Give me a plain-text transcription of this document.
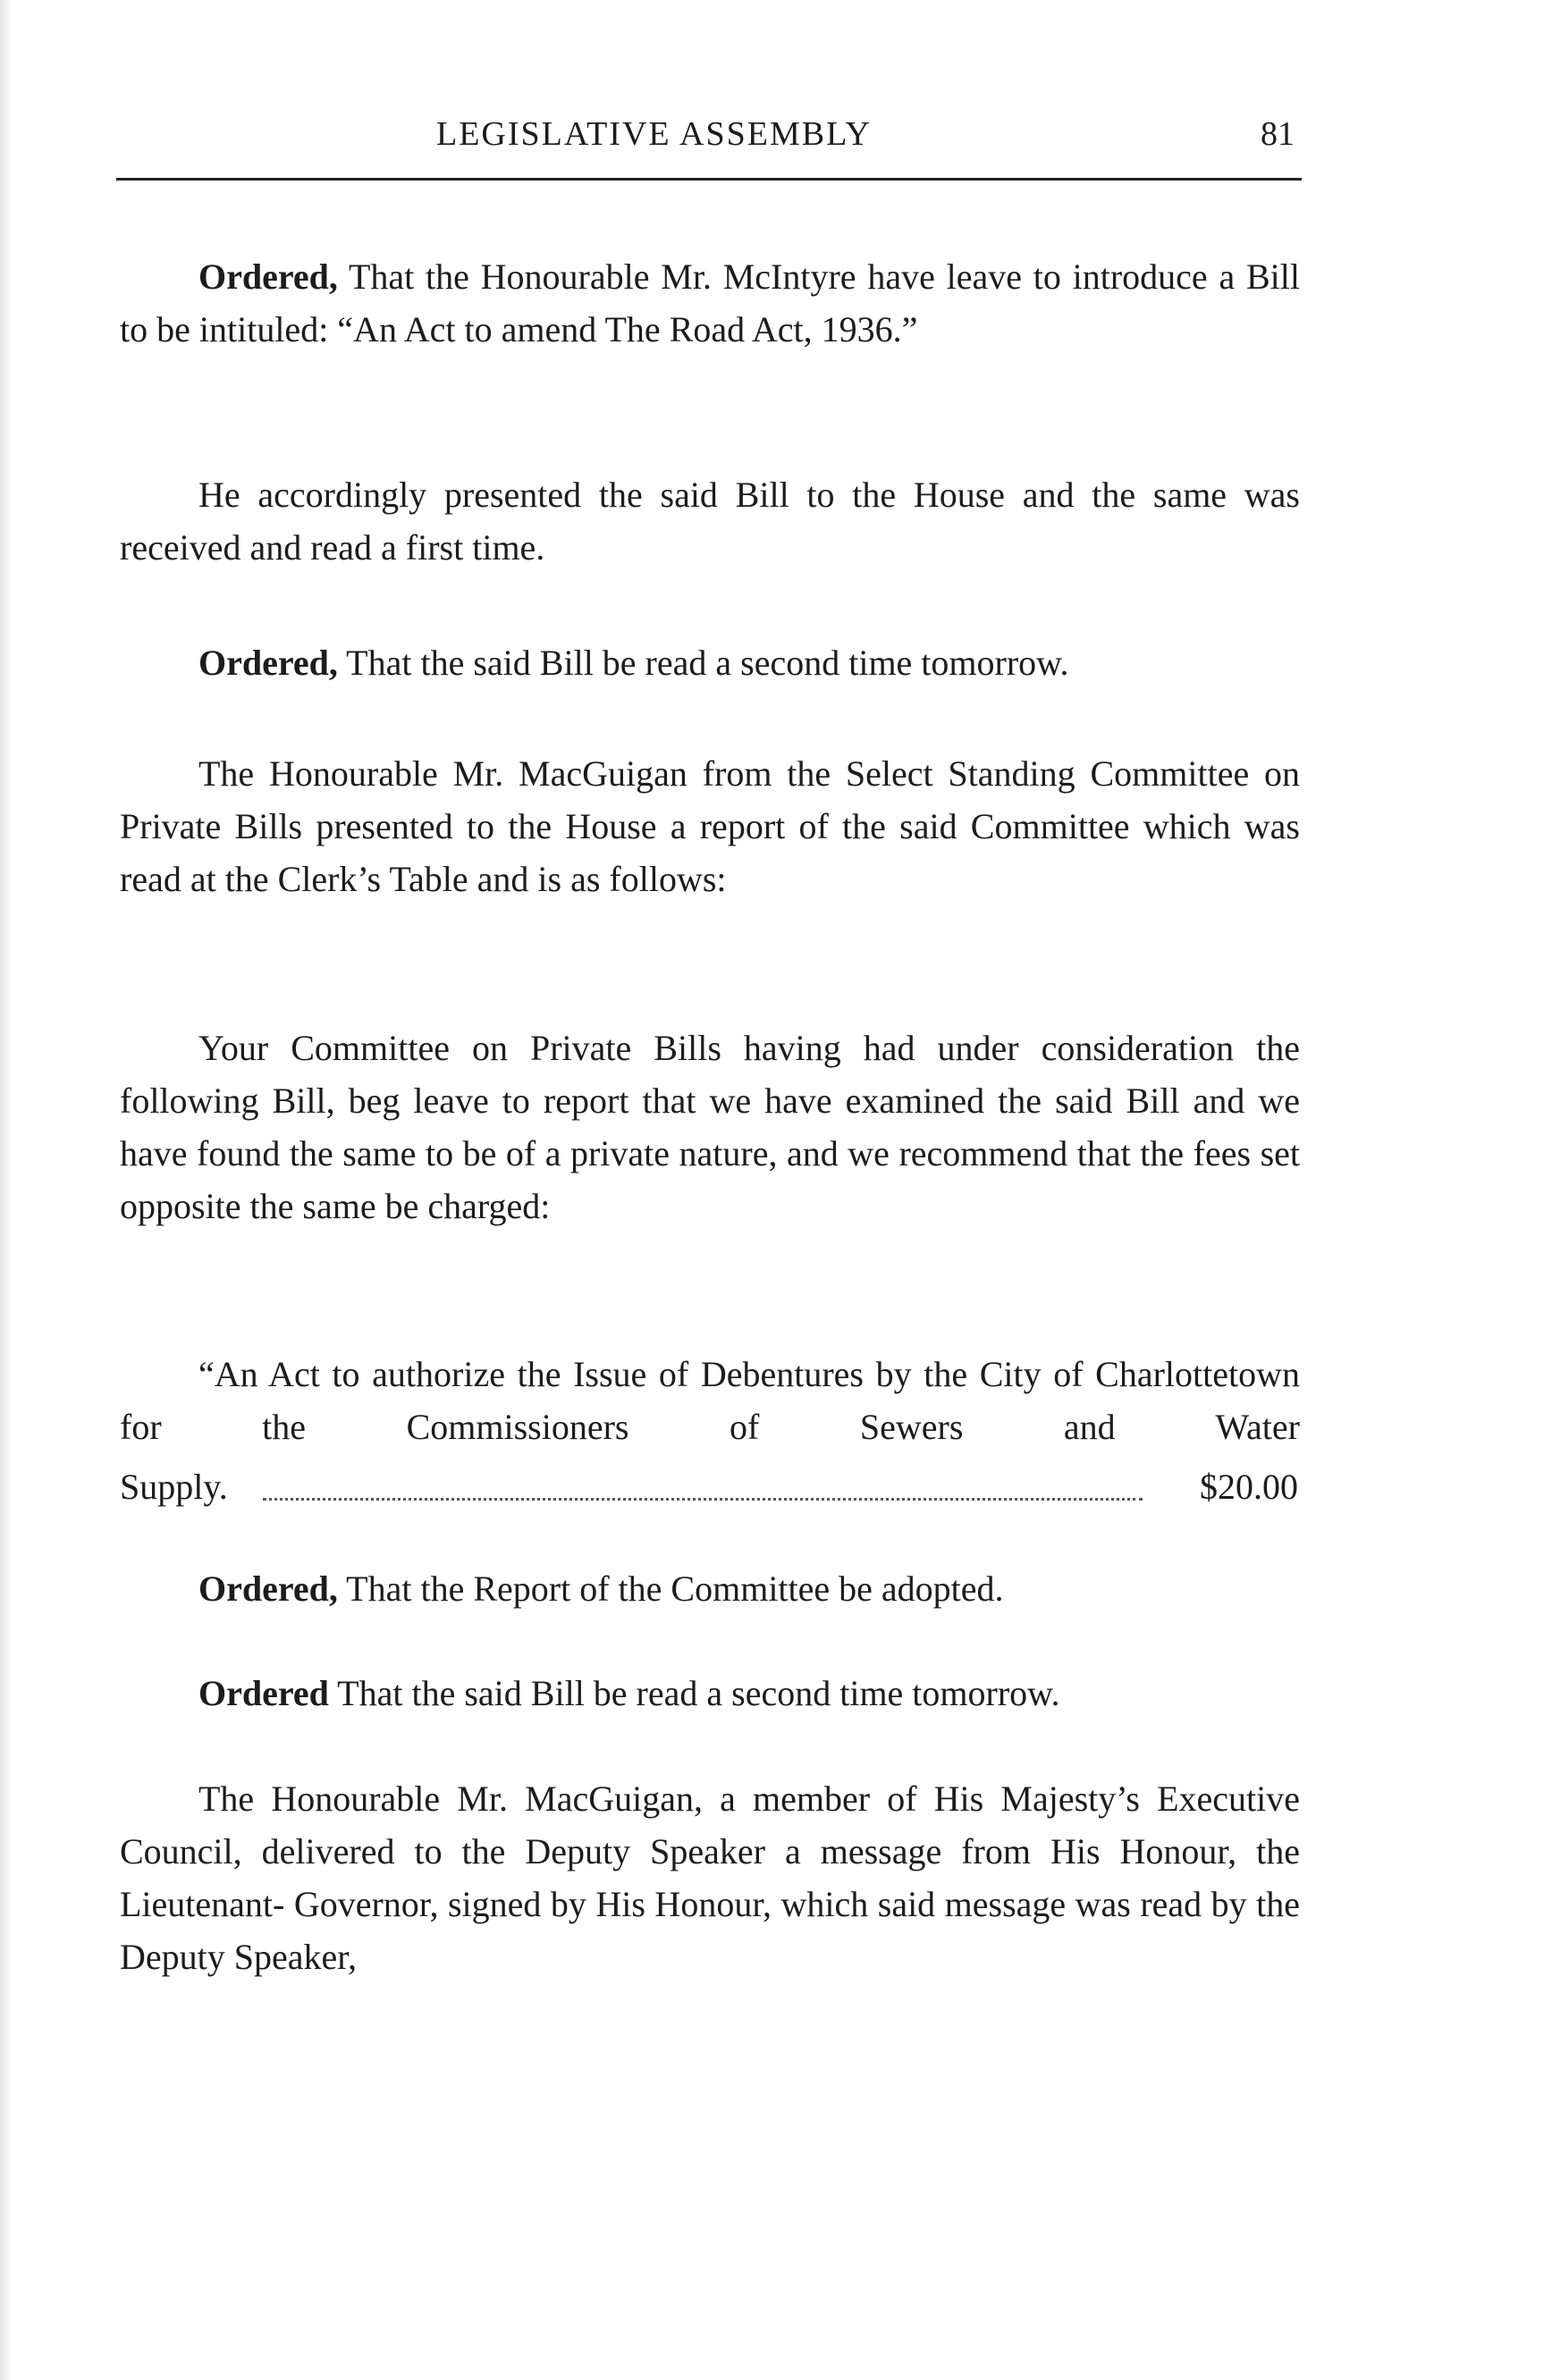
LEGISLATIVE ASSEMBLY	81

Ordered, That the Honourable Mr. McIntyre have leave to introduce a Bill to be intituled: “An Act to amend The Road Act, 1936.”

He accordingly presented the said Bill to the House and the same was received and read a first time.

Ordered, That the said Bill be read a second time tomorrow.

The Honourable Mr. MacGuigan from the Select Standing Committee on Private Bills presented to the House a report of the said Committee which was read at the Clerk’s Table and is as follows:

Your Committee on Private Bills having had under consideration the following Bill, beg leave to report that we have examined the said Bill and we have found the same to be of a private nature, and we recommend that the fees set opposite the same be charged:

“An Act to authorize the Issue of Debentures by the City of Charlottetown for the Commissioners of Sewers and Water

Supply.	$20.00

Ordered, That the Report of the Committee be adopted.

Ordered That the said Bill be read a second time tomorrow.

The Honourable Mr. MacGuigan, a member of His Majesty’s Executive Council, delivered to the Deputy Speaker a message from His Honour, the Lieutenant- Governor, signed by His Honour, which said message was read by the Deputy Speaker,
